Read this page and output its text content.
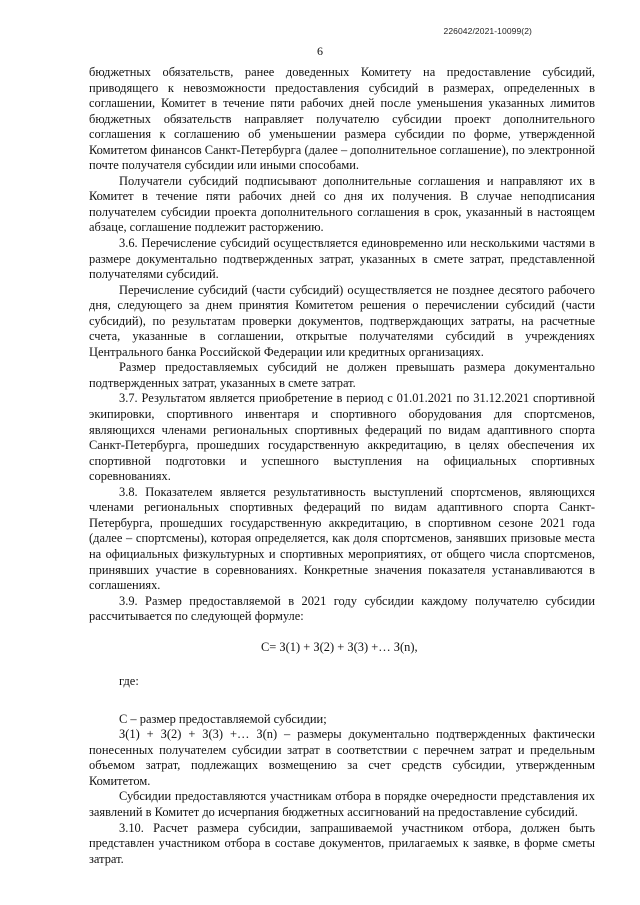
226042/2021-10099(2)
6

бюджетных обязательств, ранее доведенных Комитету на предоставление субсидий, приводящего к невозможности предоставления субсидий в размерах, определенных в соглашении, Комитет в течение пяти рабочих дней после уменьшения указанных лимитов бюджетных обязательств направляет получателю субсидии проект дополнительного соглашения к соглашению об уменьшении размера субсидии по форме, утвержденной Комитетом финансов Санкт-Петербурга (далее – дополнительное соглашение), по электронной почте получателя субсидии или иными способами.

Получатели субсидий подписывают дополнительные соглашения и направляют их в Комитет в течение пяти рабочих дней со дня их получения. В случае неподписания получателем субсидии проекта дополнительного соглашения в срок, указанный в настоящем абзаце, соглашение подлежит расторжению.

3.6. Перечисление субсидий осуществляется единовременно или несколькими частями в размере документально подтвержденных затрат, указанных в смете затрат, представленной получателями субсидий.

Перечисление субсидий (части субсидий) осуществляется не позднее десятого рабочего дня, следующего за днем принятия Комитетом решения о перечислении субсидий (части субсидий), по результатам проверки документов, подтверждающих затраты, на расчетные счета, указанные в соглашении, открытые получателями субсидий в учреждениях Центрального банка Российской Федерации или кредитных организациях.

Размер предоставляемых субсидий не должен превышать размера документально подтвержденных затрат, указанных в смете затрат.

3.7. Результатом является приобретение в период с 01.01.2021 по 31.12.2021 спортивной экипировки, спортивного инвентаря и спортивного оборудования для спортсменов, являющихся членами региональных спортивных федераций по видам адаптивного спорта Санкт-Петербурга, прошедших государственную аккредитацию, в целях обеспечения их спортивной подготовки и успешного выступления на официальных спортивных соревнованиях.

3.8. Показателем является результативность выступлений спортсменов, являющихся членами региональных спортивных федераций по видам адаптивного спорта Санкт-Петербурга, прошедших государственную аккредитацию, в спортивном сезоне 2021 года (далее – спортсмены), которая определяется, как доля спортсменов, занявших призовые места на официальных физкультурных и спортивных мероприятиях, от общего числа спортсменов, принявших участие в соревнованиях. Конкретные значения показателя устанавливаются в соглашениях.

3.9. Размер предоставляемой в 2021 году субсидии каждому получателю субсидии рассчитывается по следующей формуле:

С= З(1) + З(2) + З(3) +… З(n),
где:

С – размер предоставляемой субсидии;

З(1) + З(2) + З(3) +… З(n) – размеры документально подтвержденных фактически понесенных получателем субсидии затрат в соответствии с перечнем затрат и предельным объемом затрат, подлежащих возмещению за счет средств субсидии, утвержденным Комитетом.

Субсидии предоставляются участникам отбора в порядке очередности представления их заявлений в Комитет до исчерпания бюджетных ассигнований на предоставление субсидий.

3.10. Расчет размера субсидии, запрашиваемой участником отбора, должен быть представлен участником отбора в составе документов, прилагаемых к заявке, в форме сметы затрат.
